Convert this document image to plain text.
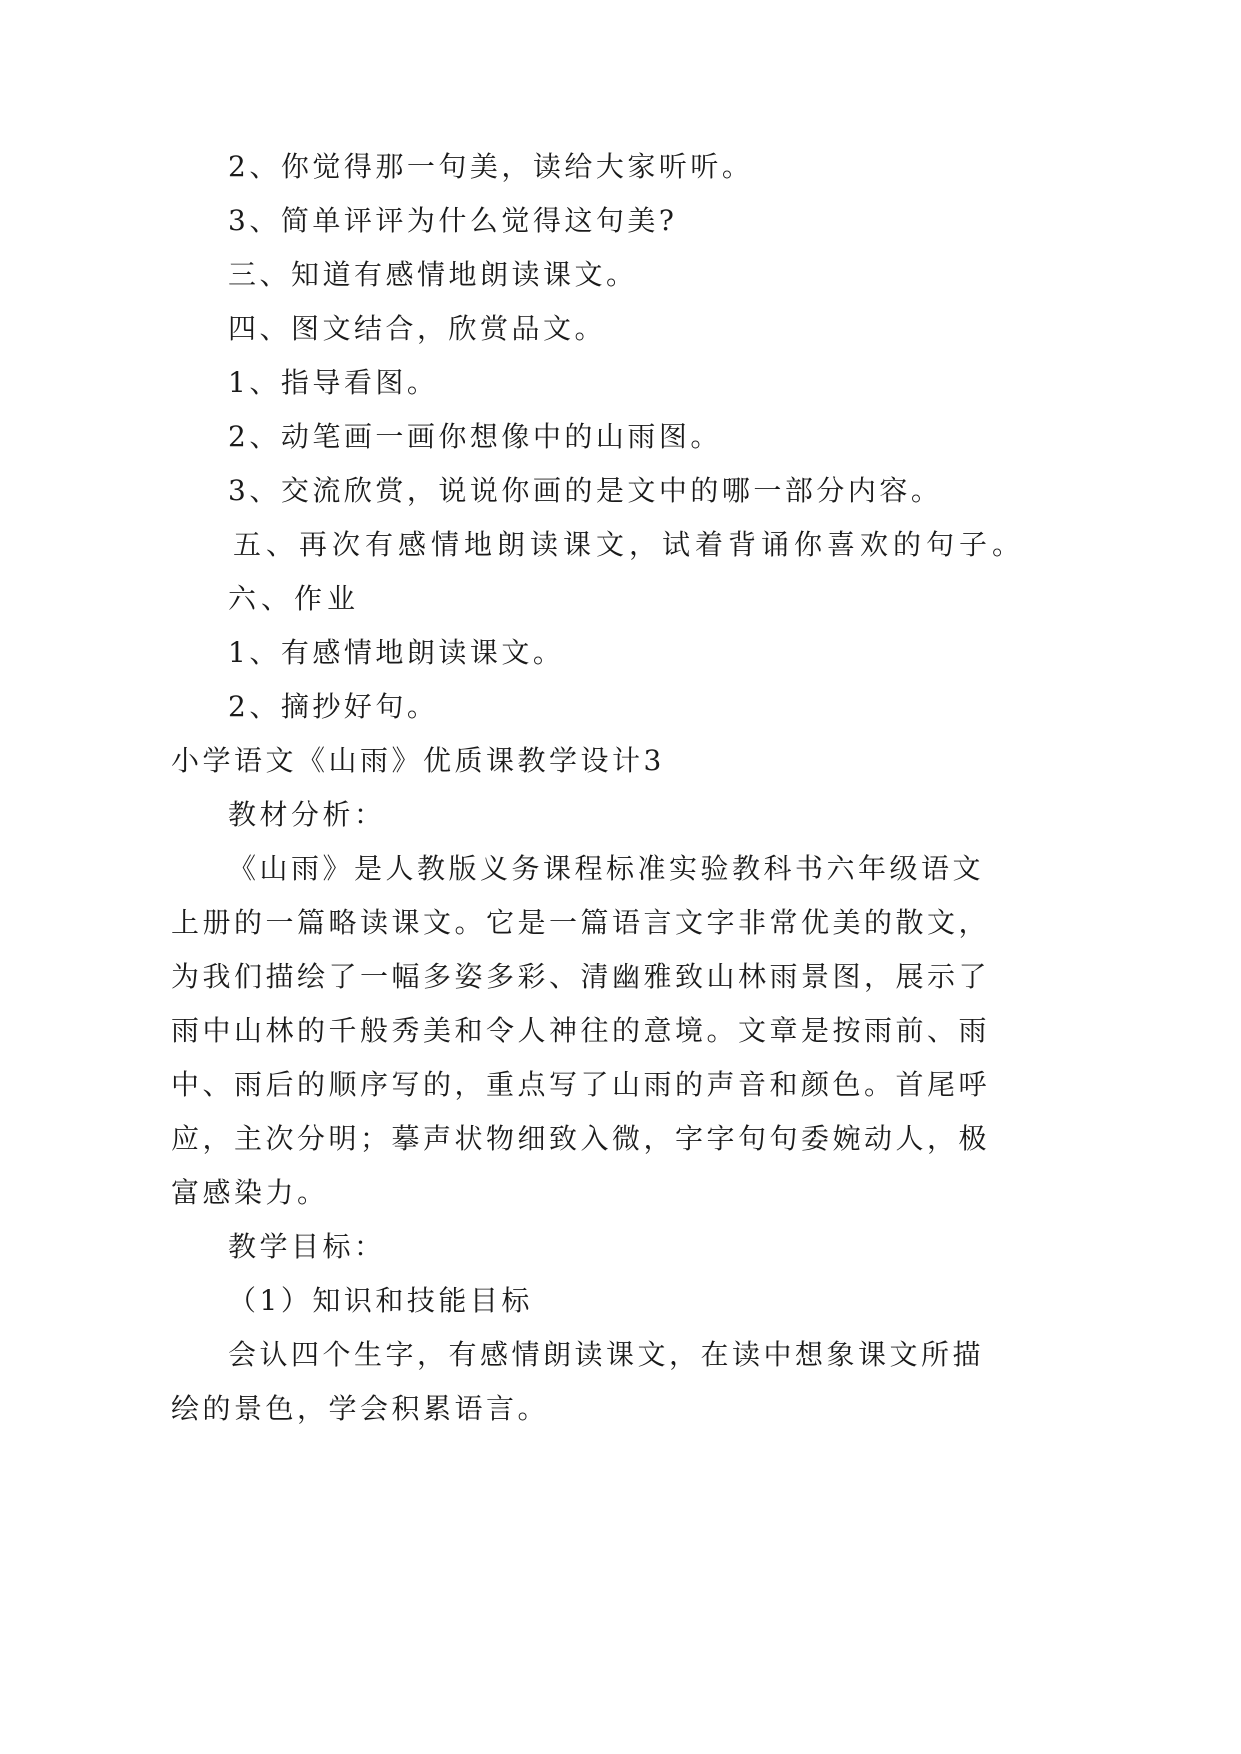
2、你觉得那一句美，读给大家听听。

3、简单评评为什么觉得这句美?

三、知道有感情地朗读课文。

四、图文结合，欣赏品文。

1、指导看图。

2、动笔画一画你想像中的山雨图。

3、交流欣赏，说说你画的是文中的哪一部分内容。

五、再次有感情地朗读课文，试着背诵你喜欢的句子。

六、作业

1、有感情地朗读课文。

2、摘抄好句。

小学语文《山雨》优质课教学设计3

教材分析：

《山雨》是人教版义务课程标准实验教科书六年级语文

上册的一篇略读课文。它是一篇语言文字非常优美的散文，

为我们描绘了一幅多姿多彩、清幽雅致山林雨景图，展示了

雨中山林的千般秀美和令人神往的意境。文章是按雨前、雨

中、雨后的顺序写的，重点写了山雨的声音和颜色。首尾呼

应，主次分明；摹声状物细致入微，字字句句委婉动人，极

富感染力。

教学目标：

（1）知识和技能目标

会认四个生字，有感情朗读课文，在读中想象课文所描

绘的景色，学会积累语言。
